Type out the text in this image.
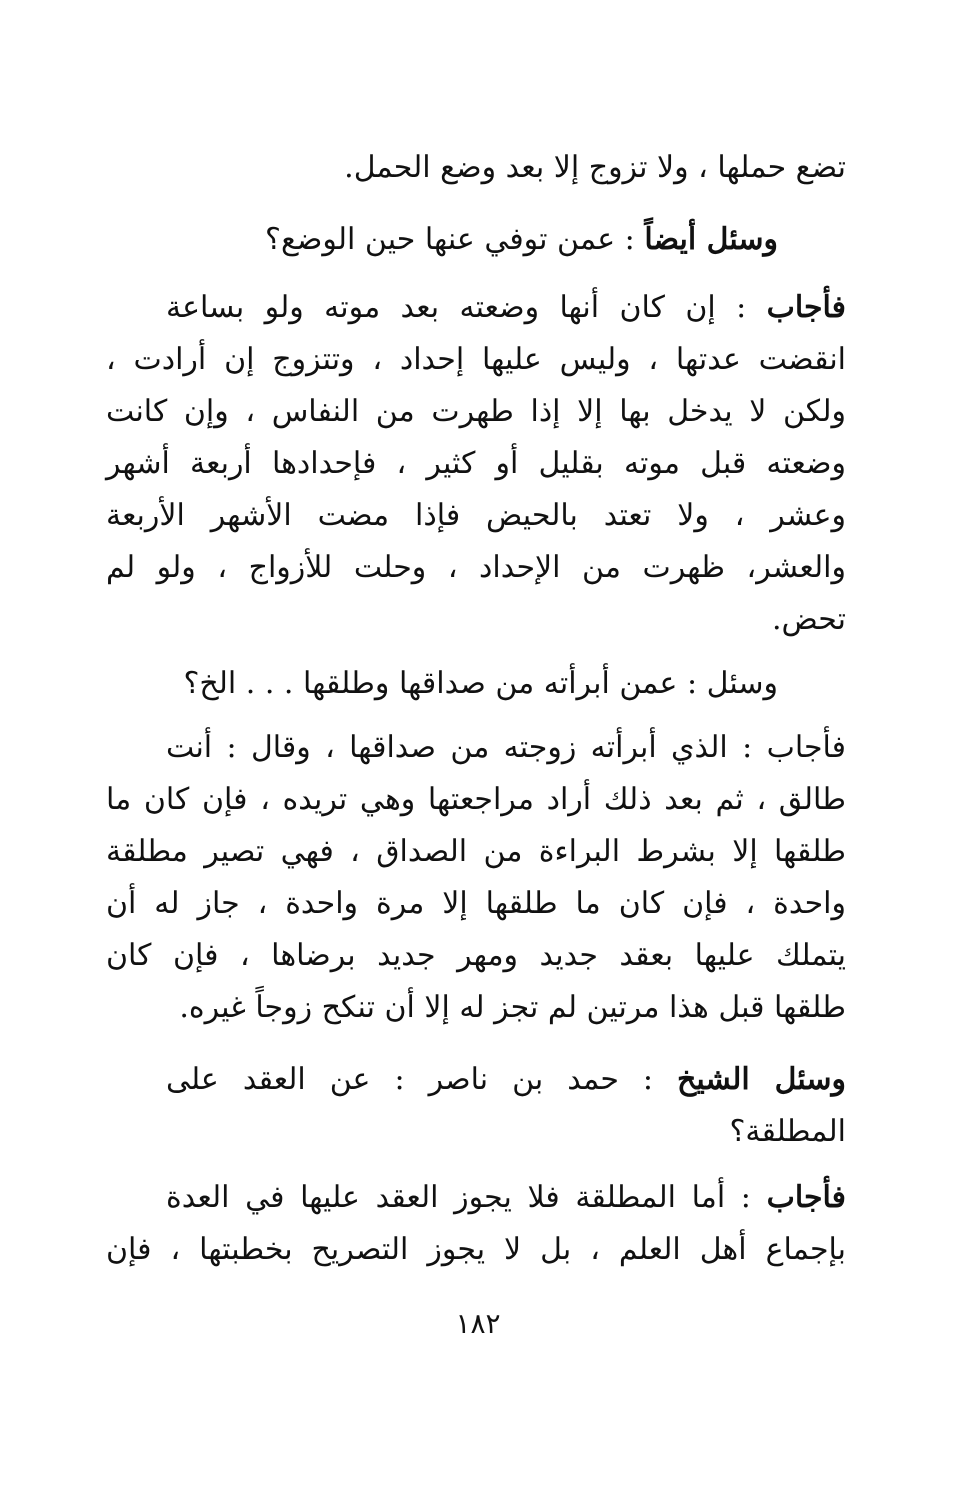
تضع حملها ، ولا تزوج إلا بعد وضع الحمل.
وسئل أيضاً : عمن توفي عنها حين الوضع؟
فأجاب : إن كان أنها وضعته بعد موته ولو بساعة
انقضت عدتها ، وليس عليها إحداد ، وتتزوج إن أرادت ،
ولكن لا يدخل بها إلا إذا طهرت من النفاس ، وإن كانت
وضعته قبل موته بقليل أو كثير ، فإحدادها أربعة أشهر
وعشر ، ولا تعتد بالحيض فإذا مضت الأشهر الأربعة
والعشر، ظهرت من الإحداد ، وحلت للأزواج ، ولو لم
تحض.
وسئل : عمن أبرأته من صداقها وطلقها . . . الخ؟
فأجاب : الذي أبرأته زوجته من صداقها ، وقال : أنت
طالق ، ثم بعد ذلك أراد مراجعتها وهي تريده ، فإن كان ما
طلقها إلا بشرط البراءة من الصداق ، فهي تصير مطلقة
واحدة ، فإن كان ما طلقها إلا مرة واحدة ، جاز له أن
يتملك عليها بعقد جديد ومهر جديد برضاها ، فإن كان
طلقها قبل هذا مرتين لم تجز له إلا أن تنكح زوجاً غيره.
وسئل الشيخ : حمد بن ناصر : عن العقد على
المطلقة؟
فأجاب : أما المطلقة فلا يجوز العقد عليها في العدة
بإجماع أهل العلم ، بل لا يجوز التصريح بخطبتها ، فإن
١٨٢
